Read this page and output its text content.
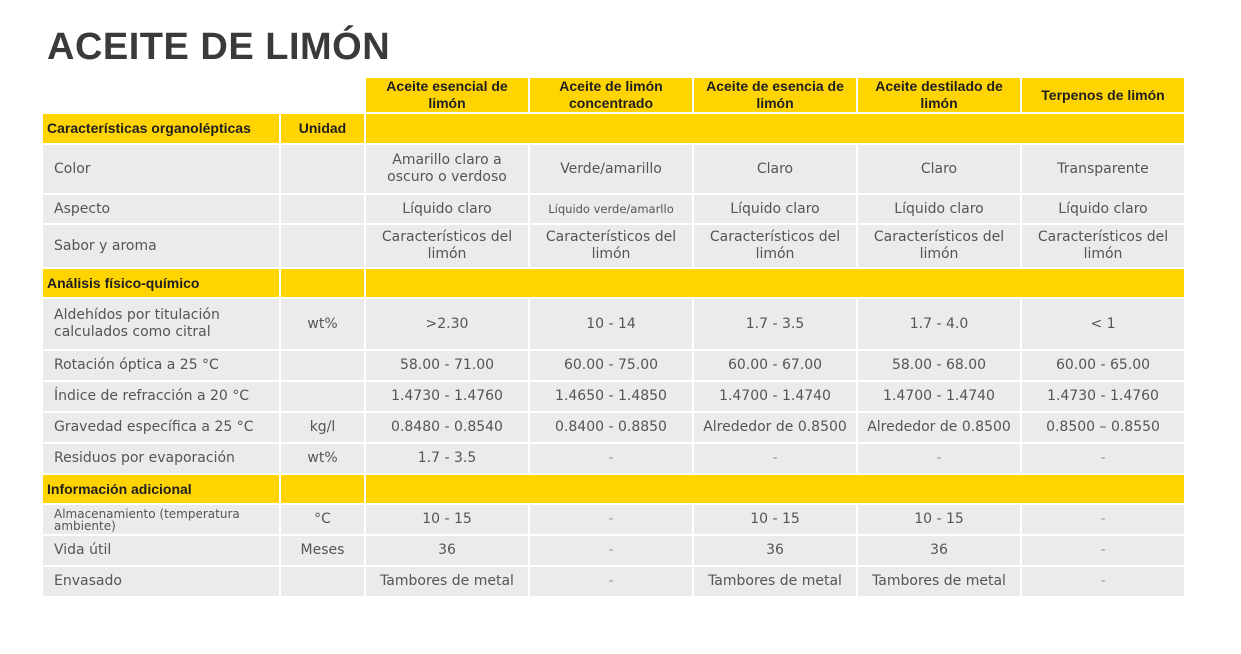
ACEITE DE LIMÓN
		Aceite esencial de limón	Aceite de limón concentrado	Aceite de esencia de limón	Aceite destilado de limón	Terpenos de limón
Características organolépticas	Unidad					
Color		Amarillo claro a oscuro o verdoso	Verde/amarillo	Claro	Claro	Transparente
Aspecto		Líquido claro	Líquido verde/amarllo	Líquido claro	Líquido claro	Líquido claro
Sabor y aroma		Característicos del limón	Característicos del limón	Característicos del limón	Característicos del limón	Característicos del limón
Análisis físico-químico						
Aldehídos por titulación calculados como citral	wt%	>2.30	10 - 14	1.7 - 3.5	1.7 - 4.0	< 1
Rotación óptica a 25 °C		58.00 - 71.00	60.00 - 75.00	60.00 - 67.00	58.00 - 68.00	60.00 - 65.00
Índice de refracción a 20 °C		1.4730 - 1.4760	1.4650 - 1.4850	1.4700 - 1.4740	1.4700 - 1.4740	1.4730 - 1.4760
Gravedad específica a 25 °C	kg/l	0.8480 - 0.8540	0.8400 - 0.8850	Alrededor de 0.8500	Alrededor de 0.8500	0.8500 – 0.8550
Residuos por evaporación	wt%	1.7 - 3.5	-	-	-	-
Información adicional						
Almacenamiento (temperatura ambiente)	°C	10 - 15	-	10 - 15	10 - 15	-
Vida útil	Meses	36	-	36	36	-
Envasado		Tambores de metal	-	Tambores de metal	Tambores de metal	-
